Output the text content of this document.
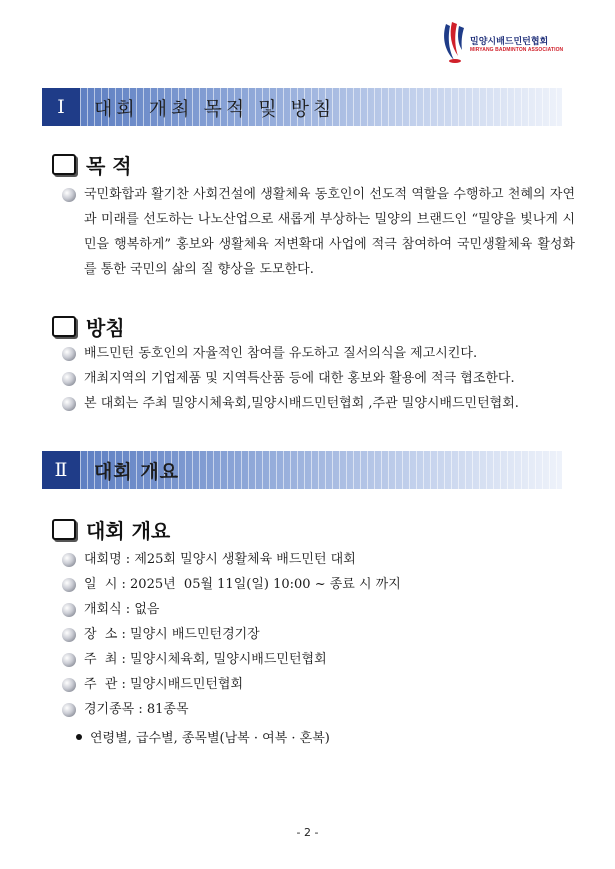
밀양시배드민턴협회
MIRYANG BADMINTON ASSOCIATION
Ⅰ	대회 개최 목적 및 방침
목 적
국민화합과 활기찬 사회건설에 생활체육 동호인이 선도적 역할을 수행하고 천혜의 자연과 미래를 선도하는 나노산업으로 새롭게 부상하는 밀양의 브랜드인 “밀양을 빛나게 시민을 행복하게” 홍보와 생활체육 저변확대 사업에 적극 참여하여 국민생활체육 활성화를 통한 국민의 삶의 질 향상을 도모한다.
방침
배드민턴 동호인의 자율적인 참여를 유도하고 질서의식을 제고시킨다.
개최지역의 기업제품 및 지역특산품 등에 대한 홍보와 활용에 적극 협조한다.
본 대회는 주최 밀양시체육회,밀양시배드민턴협회 ,주관 밀양시배드민턴협회.
Ⅱ	대회 개요
대회 개요
대회명 : 제25회 밀양시 생활체육 배드민턴 대회
일  시 : 2025년  05월 11일(일) 10:00 ~ 종료 시 까지
개회식 : 없음
장  소 : 밀양시 배드민턴경기장
주  최 : 밀양시체육회, 밀양시배드민턴협회
주  관 : 밀양시배드민턴협회
경기종목 : 81종목
연령별, 급수별, 종목별(남복 · 여복 · 혼복)
- 2 -
